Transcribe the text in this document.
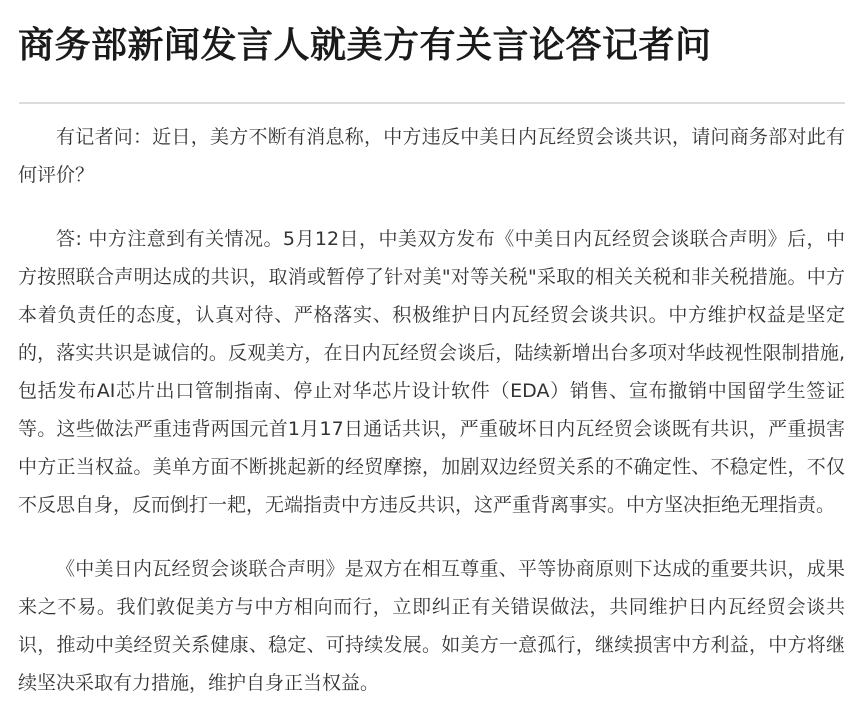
商务部新闻发言人就美方有关言论答记者问

有记者问：近日，美方不断有消息称，中方违反中美日内瓦经贸会谈共识，请问商务部对此有何评价？

答: 中方注意到有关情况。5月12日，中美双方发布《中美日内瓦经贸会谈联合声明》后，中方按照联合声明达成的共识，取消或暂停了针对美"对等关税"采取的相关关税和非关税措施。中方本着负责任的态度，认真对待、严格落实、积极维护日内瓦经贸会谈共识。中方维护权益是坚定的，落实共识是诚信的。反观美方，在日内瓦经贸会谈后，陆续新增出台多项对华歧视性限制措施,包括发布AI芯片出口管制指南、停止对华芯片设计软件（EDA）销售、宣布撤销中国留学生签证等。这些做法严重违背两国元首1月17日通话共识，严重破坏日内瓦经贸会谈既有共识，严重损害中方正当权益。美单方面不断挑起新的经贸摩擦，加剧双边经贸关系的不确定性、不稳定性，不仅不反思自身，反而倒打一耙，无端指责中方违反共识，这严重背离事实。中方坚决拒绝无理指责。

《中美日内瓦经贸会谈联合声明》是双方在相互尊重、平等协商原则下达成的重要共识，成果来之不易。我们敦促美方与中方相向而行，立即纠正有关错误做法，共同维护日内瓦经贸会谈共识，推动中美经贸关系健康、稳定、可持续发展。如美方一意孤行，继续损害中方利益，中方将继续坚决采取有力措施，维护自身正当权益。
